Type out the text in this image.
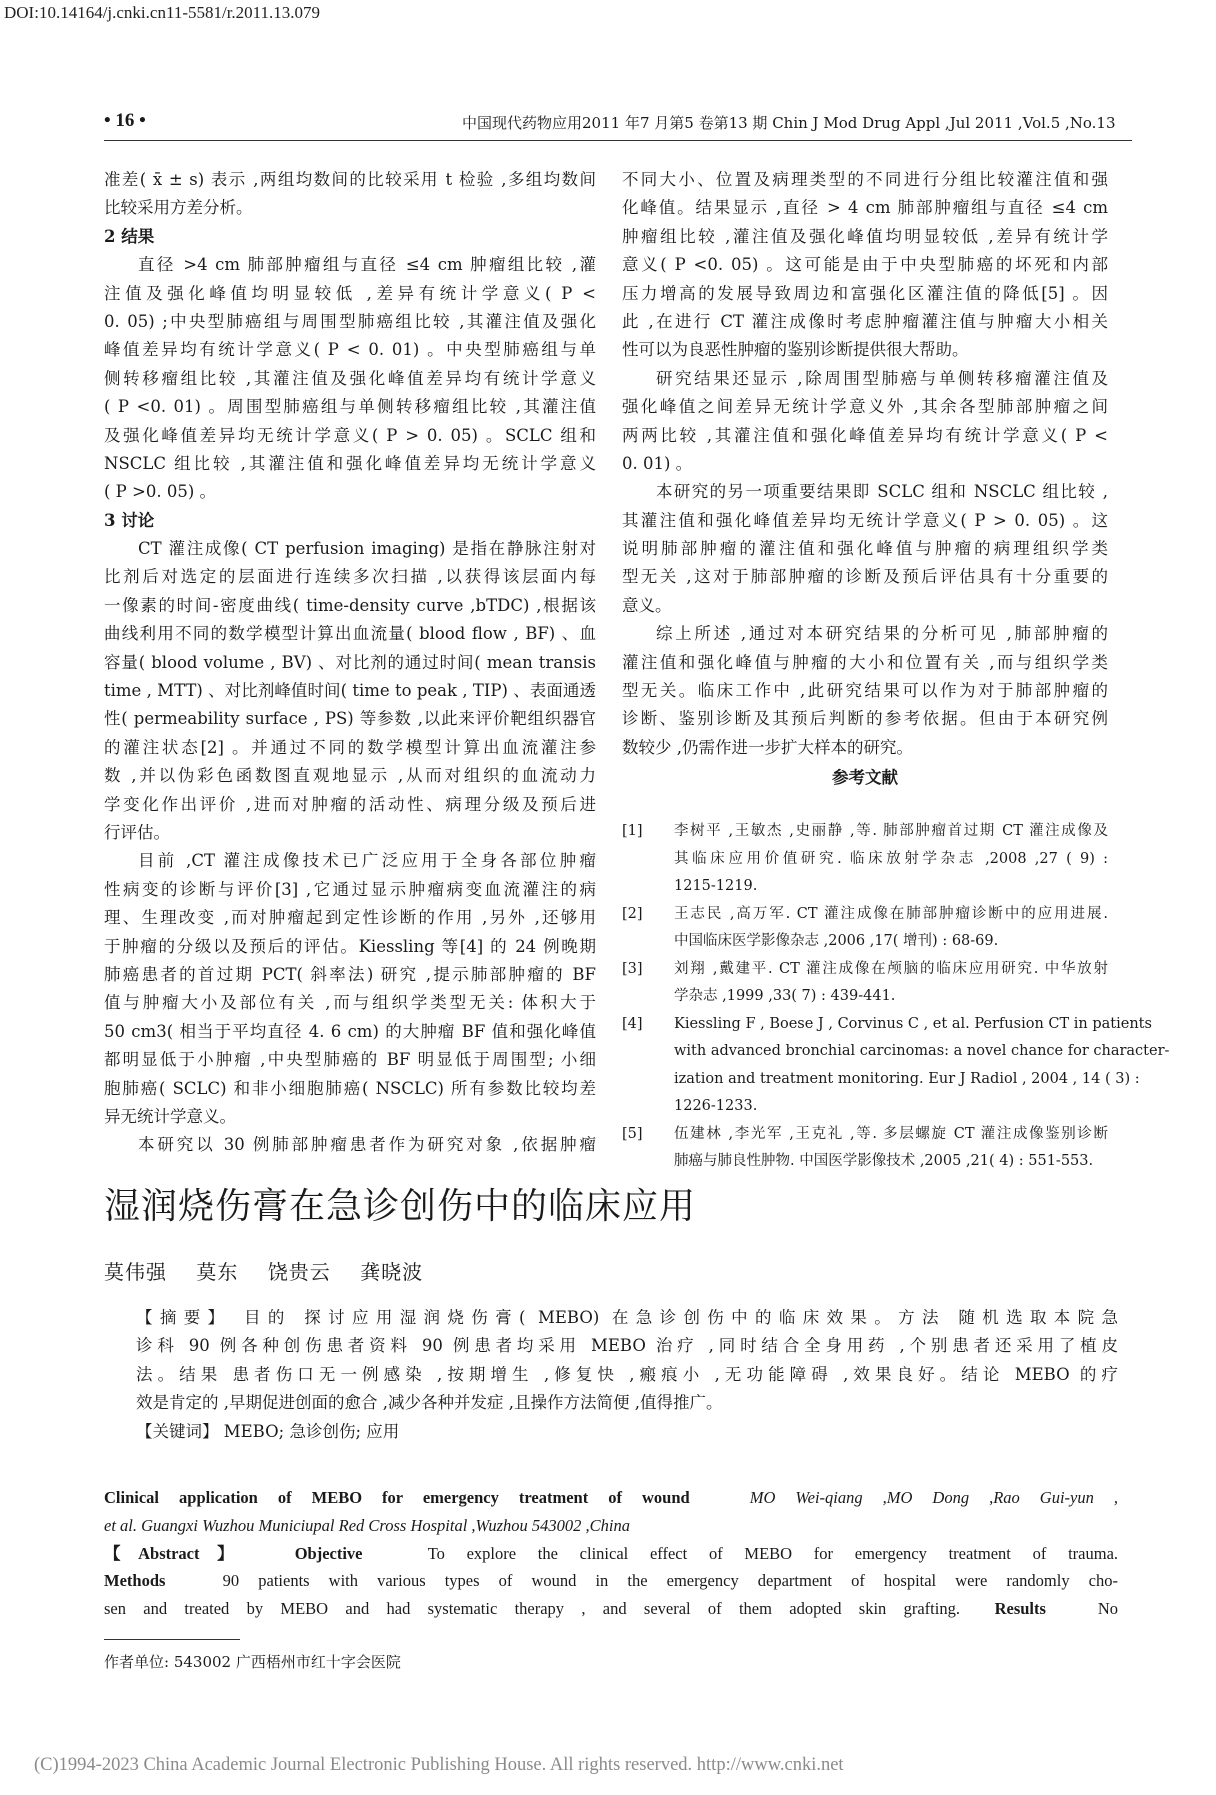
DOI:10.14164/j.cnki.cn11-5581/r.2011.13.079
• 16 •	中国现代药物应用2011 年7 月第5 卷第13 期 Chin J Mod Drug Appl ,Jul 2011 ,Vol.5 ,No.13
准差( x̄ ± s) 表示 ,两组均数间的比较采用 t 检验 ,多组均数间
比较采用方差分析。
2 结果
直径 >4 cm 肺部肿瘤组与直径 ≤4 cm 肿瘤组比较 ,灌
注值及强化峰值均明显较低 ,差异有统计学意义( P <
0. 05) ;中央型肺癌组与周围型肺癌组比较 ,其灌注值及强化
峰值差异均有统计学意义( P < 0. 01) 。中央型肺癌组与单
侧转移瘤组比较 ,其灌注值及强化峰值差异均有统计学意义
( P <0. 01) 。周围型肺癌组与单侧转移瘤组比较 ,其灌注值
及强化峰值差异均无统计学意义( P > 0. 05) 。SCLC 组和
NSCLC 组比较 ,其灌注值和强化峰值差异均无统计学意义
( P >0. 05) 。
3 讨论
CT 灌注成像( CT perfusion imaging) 是指在静脉注射对
比剂后对选定的层面进行连续多次扫描 ,以获得该层面内每
一像素的时间-密度曲线( time-density curve ,bTDC) ,根据该
曲线利用不同的数学模型计算出血流量( blood flow , BF) 、血
容量( blood volume , BV) 、对比剂的通过时间( mean transis
time , MTT) 、对比剂峰值时间( time to peak , TIP) 、表面通透
性( permeability surface , PS) 等参数 ,以此来评价靶组织器官
的灌注状态[2] 。并通过不同的数学模型计算出血流灌注参
数 ,并以伪彩色函数图直观地显示 ,从而对组织的血流动力
学变化作出评价 ,进而对肿瘤的活动性、病理分级及预后进
行评估。
目前 ,CT 灌注成像技术已广泛应用于全身各部位肿瘤
性病变的诊断与评价[3] ,它通过显示肿瘤病变血流灌注的病
理、生理改变 ,而对肿瘤起到定性诊断的作用 ,另外 ,还够用
于肿瘤的分级以及预后的评估。Kiessling 等[4] 的 24 例晚期
肺癌患者的首过期 PCT( 斜率法) 研究 ,提示肺部肿瘤的 BF
值与肿瘤大小及部位有关 ,而与组织学类型无关: 体积大于
50 cm3( 相当于平均直径 4. 6 cm) 的大肿瘤 BF 值和强化峰值
都明显低于小肿瘤 ,中央型肺癌的 BF 明显低于周围型; 小细
胞肺癌( SCLC) 和非小细胞肺癌( NSCLC) 所有参数比较均差
异无统计学意义。
本研究以 30 例肺部肿瘤患者作为研究对象 ,依据肿瘤
不同大小、位置及病理类型的不同进行分组比较灌注值和强
化峰值。结果显示 ,直径 > 4 cm 肺部肿瘤组与直径 ≤4 cm
肿瘤组比较 ,灌注值及强化峰值均明显较低 ,差异有统计学
意义( P <0. 05) 。这可能是由于中央型肺癌的坏死和内部
压力增高的发展导致周边和富强化区灌注值的降低[5] 。因
此 ,在进行 CT 灌注成像时考虑肿瘤灌注值与肿瘤大小相关
性可以为良恶性肿瘤的鉴别诊断提供很大帮助。
研究结果还显示 ,除周围型肺癌与单侧转移瘤灌注值及
强化峰值之间差异无统计学意义外 ,其余各型肺部肿瘤之间
两两比较 ,其灌注值和强化峰值差异均有统计学意义( P <
0. 01) 。
本研究的另一项重要结果即 SCLC 组和 NSCLC 组比较 ,
其灌注值和强化峰值差异均无统计学意义( P > 0. 05) 。这
说明肺部肿瘤的灌注值和强化峰值与肿瘤的病理组织学类
型无关 ,这对于肺部肿瘤的诊断及预后评估具有十分重要的
意义。
综上所述 ,通过对本研究结果的分析可见 ,肺部肿瘤的
灌注值和强化峰值与肿瘤的大小和位置有关 ,而与组织学类
型无关。临床工作中 ,此研究结果可以作为对于肺部肿瘤的
诊断、鉴别诊断及其预后判断的参考依据。但由于本研究例
数较少 ,仍需作进一步扩大样本的研究。
参考文献
[1] 李树平 ,王敏杰 ,史丽静 ,等. 肺部肿瘤首过期 CT 灌注成像及
其临床应用价值研究. 临床放射学杂志 ,2008 ,27 ( 9) :
1215-1219.
[2] 王志民 ,高万军. CT 灌注成像在肺部肿瘤诊断中的应用进展.
中国临床医学影像杂志 ,2006 ,17( 增刊) : 68-69.
[3] 刘翔 ,戴建平. CT 灌注成像在颅脑的临床应用研究. 中华放射
学杂志 ,1999 ,33( 7) : 439-441.
[4] Kiessling F , Boese J , Corvinus C , et al. Perfusion CT in patients
with advanced bronchial carcinomas: a novel chance for character-
ization and treatment monitoring. Eur J Radiol , 2004 , 14 ( 3) :
1226-1233.
[5] 伍建林 ,李光军 ,王克礼 ,等. 多层螺旋 CT 灌注成像鉴别诊断
肺癌与肺良性肿物. 中国医学影像技术 ,2005 ,21( 4) : 551-553.
湿润烧伤膏在急诊创伤中的临床应用
莫伟强 莫东 饶贵云 龚晓波
【摘要】 目的 探讨应用湿润烧伤膏( MEBO) 在急诊创伤中的临床效果。方法 随机选取本院急
诊科 90 例各种创伤患者资料 90 例患者均采用 MEBO 治疗 ,同时结合全身用药 ,个别患者还采用了植皮
法。结果 患者伤口无一例感染 ,按期增生 ,修复快 ,瘢痕小 ,无功能障碍 ,效果良好。结论 MEBO 的疗
效是肯定的 ,早期促进创面的愈合 ,减少各种并发症 ,且操作方法简便 ,值得推广。
【关键词】 MEBO; 急诊创伤; 应用
Clinical application of MEBO for emergency treatment of wound	MO Wei-qiang ,MO Dong ,Rao Gui-yun ,
et al. Guangxi Wuzhou Municiupal Red Cross Hospital ,Wuzhou 543002 ,China
【Abstract】	Objective	To explore the clinical effect of MEBO for emergency treatment of trauma.
Methods	90 patients with various types of wound in the emergency department of hospital were randomly cho-
sen and treated by MEBO and had systematic therapy , and several of them adopted skin grafting. Results	No
作者单位: 543002 广西梧州市红十字会医院
(C)1994-2023 China Academic Journal Electronic Publishing House. All rights reserved. http://www.cnki.net
